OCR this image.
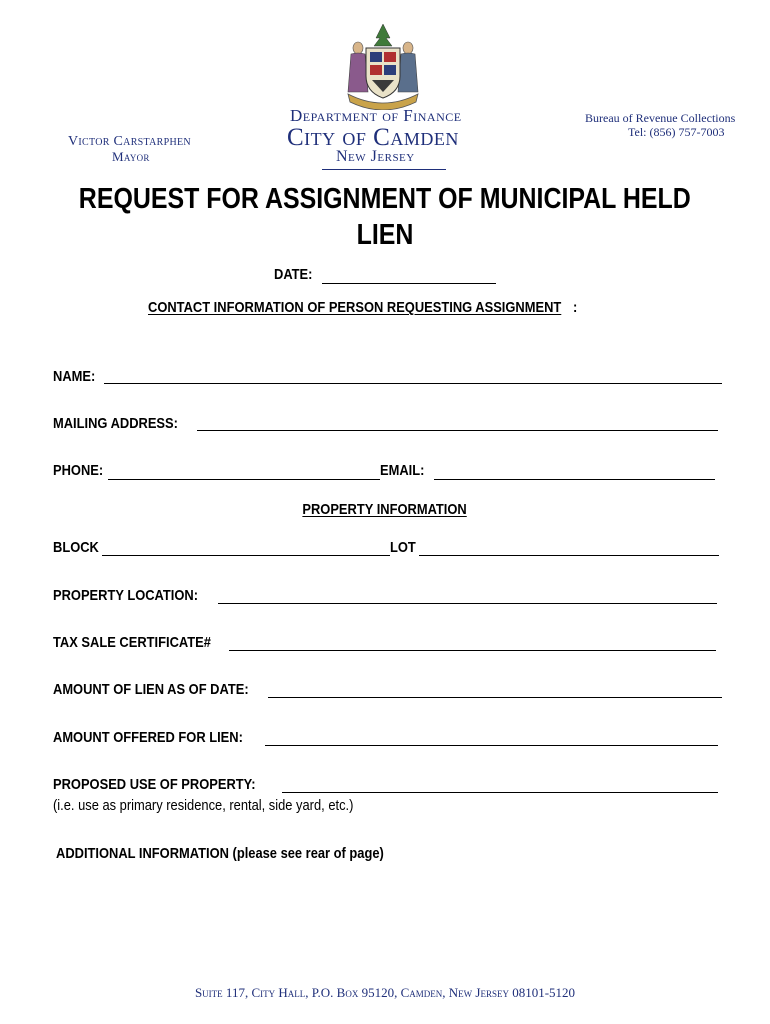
Department of Finance
City of Camden
New Jersey
Victor Carstarphen
Mayor
Bureau of Revenue Collections
Tel: (856) 757-7003
REQUEST FOR ASSIGNMENT OF MUNICIPAL HELD
LIEN
DATE:
CONTACT INFORMATION OF PERSON REQUESTING ASSIGNMENT :
NAME:
MAILING ADDRESS:
PHONE:	EMAIL:
PROPERTY INFORMATION
BLOCK	LOT
PROPERTY LOCATION:
TAX SALE CERTIFICATE#
AMOUNT OF LIEN AS OF DATE:
AMOUNT OFFERED FOR LIEN:
PROPOSED USE OF PROPERTY:
(i.e. use as primary residence, rental, side yard, etc.)
ADDITIONAL INFORMATION (please see rear of page)
Suite 117, City Hall, P.O. Box 95120, Camden, New Jersey 08101-5120
